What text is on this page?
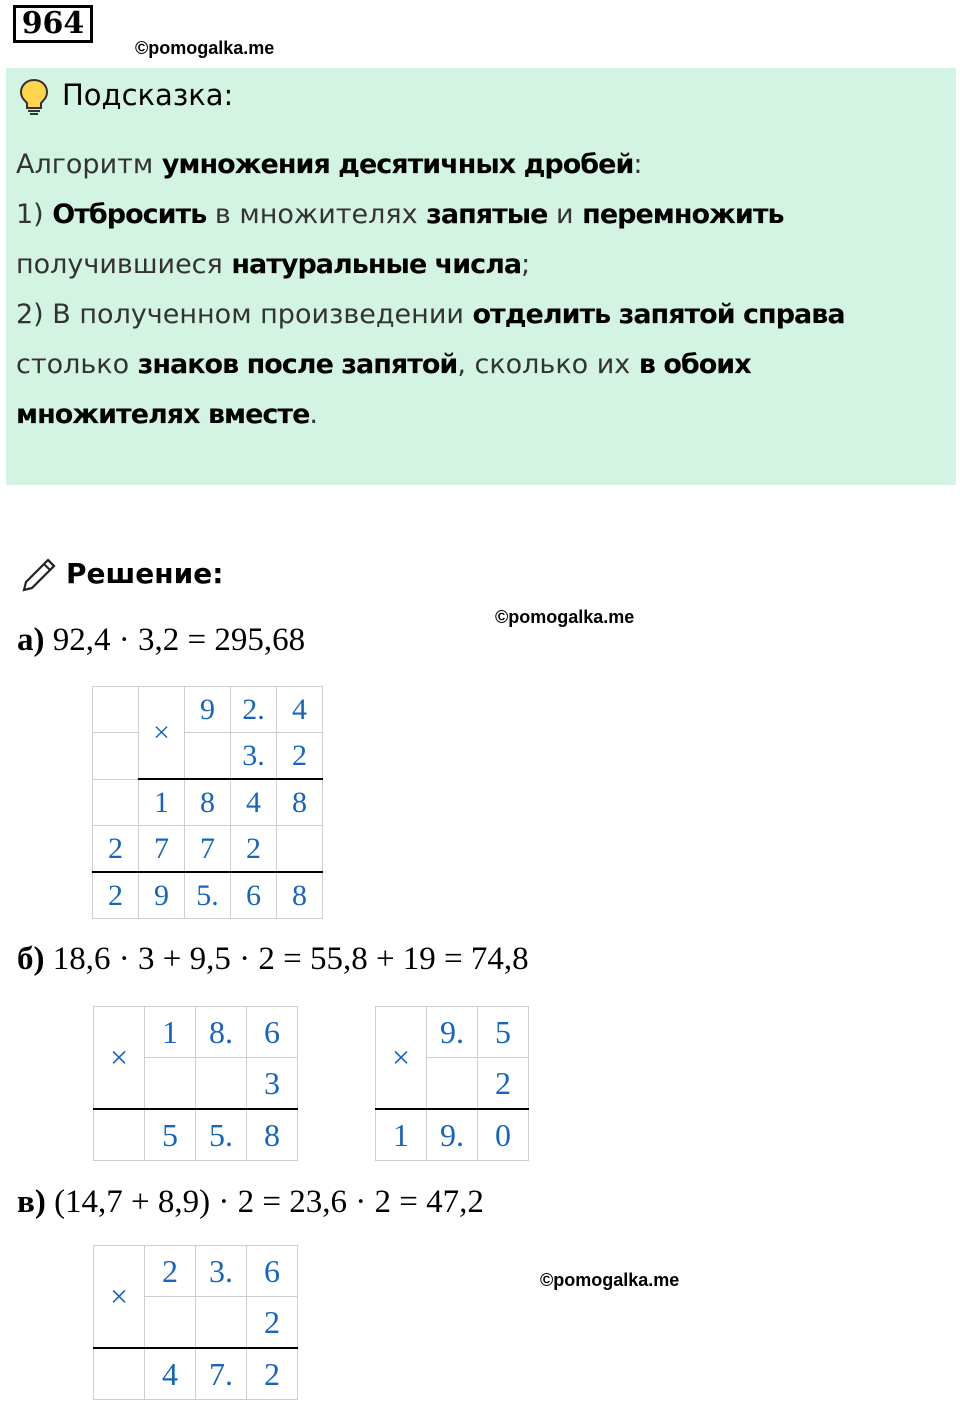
964
©pomogalka.me
Подсказка:
Алгоритм умножения десятичных дробей:
1) Отбросить в множителях запятые и перемножить
получившиеся натуральные числа;
2) В полученном произведении отделить запятой справа
столько знаков после запятой, сколько их в обоих
множителях вместе.
Решение:
©pomogalka.me
а) 92,4 · 3,2 = 295,68
	×	9	2.	4
			3.	2
	1	8	4	8
2	7	7	2	
2	9	5.	6	8
б) 18,6 · 3 + 9,5 · 2 = 55,8 + 19 = 74,8
×	1	8.	6
			3
	5	5.	8
×	9.	5
		2
1	9.	0
в) (14,7 + 8,9) · 2 = 23,6 · 2 = 47,2
©pomogalka.me
×	2	3.	6
			2
	4	7.	2
